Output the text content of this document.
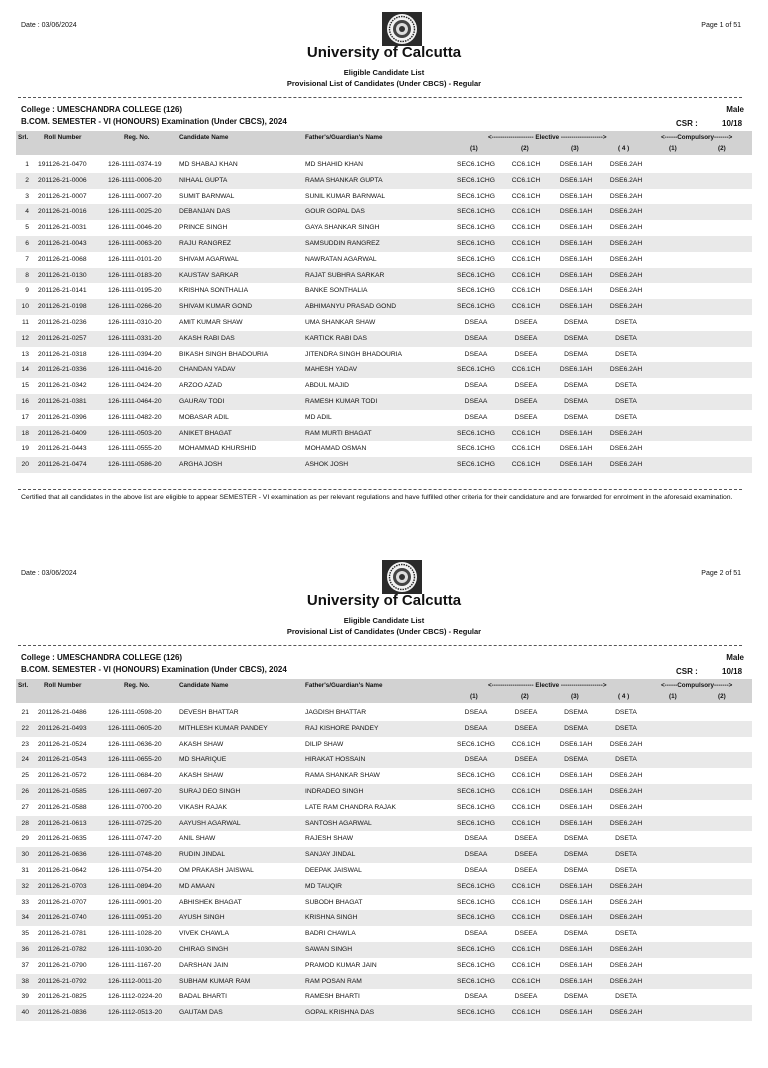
Date : 03/06/2024	Page 1 of 51
University of Calcutta
Eligible Candidate List
Provisional List of Candidates (Under CBCS) - Regular
College : UMESCHANDRA COLLEGE (126)
B.COM. SEMESTER - VI (HONOURS) Examination (Under CBCS), 2024
Male
CSR :	10/18
Srl.	Roll Number	Reg. No.	Candidate Name	Father's/Guardian's Name	<-------------------- Elective -------------------->	<------Compulsory------->
(1)	(2)	(3)	( 4 )	(1)	(2)
1 191126-21-0470	126-1111-0374-19	MD SHABAJ KHAN	MD SHAHID KHAN	SEC6.1CHG	CC6.1CH	DSE6.1AH	DSE6.2AH
2 201126-21-0006	126-1111-0006-20	NIHAAL GUPTA	RAMA SHANKAR GUPTA	SEC6.1CHG	CC6.1CH	DSE6.1AH	DSE6.2AH
3 201126-21-0007	126-1111-0007-20	SUMIT BARNWAL	SUNIL KUMAR BARNWAL	SEC6.1CHG	CC6.1CH	DSE6.1AH	DSE6.2AH
4 201126-21-0016	126-1111-0025-20	DEBANJAN DAS	GOUR GOPAL DAS	SEC6.1CHG	CC6.1CH	DSE6.1AH	DSE6.2AH
5 201126-21-0031	126-1111-0046-20	PRINCE SINGH	GAYA SHANKAR SINGH	SEC6.1CHG	CC6.1CH	DSE6.1AH	DSE6.2AH
6 201126-21-0043	126-1111-0063-20	RAJU RANGREZ	SAMSUDDIN RANGREZ	SEC6.1CHG	CC6.1CH	DSE6.1AH	DSE6.2AH
7 201126-21-0068	126-1111-0101-20	SHIVAM AGARWAL	NAWRATAN AGARWAL	SEC6.1CHG	CC6.1CH	DSE6.1AH	DSE6.2AH
8 201126-21-0130	126-1111-0183-20	KAUSTAV SARKAR	RAJAT SUBHRA SARKAR	SEC6.1CHG	CC6.1CH	DSE6.1AH	DSE6.2AH
9 201126-21-0141	126-1111-0195-20	KRISHNA SONTHALIA	BANKE SONTHALIA	SEC6.1CHG	CC6.1CH	DSE6.1AH	DSE6.2AH
10 201126-21-0198	126-1111-0266-20	SHIVAM KUMAR GOND	ABHIMANYU PRASAD GOND	SEC6.1CHG	CC6.1CH	DSE6.1AH	DSE6.2AH
11 201126-21-0236	126-1111-0310-20	AMIT KUMAR SHAW	UMA SHANKAR SHAW	DSEAA	DSEEA	DSEMA	DSETA
12 201126-21-0257	126-1111-0331-20	AKASH RABI DAS	KARTICK RABI DAS	DSEAA	DSEEA	DSEMA	DSETA
13 201126-21-0318	126-1111-0394-20	BIKASH SINGH BHADOURIA	JITENDRA SINGH BHADOURIA	DSEAA	DSEEA	DSEMA	DSETA
14 201126-21-0336	126-1111-0416-20	CHANDAN YADAV	MAHESH YADAV	SEC6.1CHG	CC6.1CH	DSE6.1AH	DSE6.2AH
15 201126-21-0342	126-1111-0424-20	ARZOO AZAD	ABDUL MAJID	DSEAA	DSEEA	DSEMA	DSETA
16 201126-21-0381	126-1111-0464-20	GAURAV TODI	RAMESH KUMAR TODI	DSEAA	DSEEA	DSEMA	DSETA
17 201126-21-0396	126-1111-0482-20	MOBASAR ADIL	MD ADIL	DSEAA	DSEEA	DSEMA	DSETA
18 201126-21-0409	126-1111-0503-20	ANIKET BHAGAT	RAM MURTI BHAGAT	SEC6.1CHG	CC6.1CH	DSE6.1AH	DSE6.2AH
19 201126-21-0443	126-1111-0555-20	MOHAMMAD KHURSHID	MOHAMAD OSMAN	SEC6.1CHG	CC6.1CH	DSE6.1AH	DSE6.2AH
20 201126-21-0474	126-1111-0586-20	ARGHA JOSH	ASHOK JOSH	SEC6.1CHG	CC6.1CH	DSE6.1AH	DSE6.2AH
Certified that all candidates in the above list are eligible to appear SEMESTER - VI examination as per relevant regulations and have fulfilled other criteria for their candidature and are forwarded for enrolment in the aforesaid examination.
Date : 03/06/2024	Page 2 of 51
University of Calcutta
Eligible Candidate List
Provisional List of Candidates (Under CBCS) - Regular
College : UMESCHANDRA COLLEGE (126)
B.COM. SEMESTER - VI (HONOURS) Examination (Under CBCS), 2024
Male
CSR :	10/18
Srl.	Roll Number	Reg. No.	Candidate Name	Father's/Guardian's Name	<-------------------- Elective -------------------->	<------Compulsory------->
(1)	(2)	(3)	( 4 )	(1)	(2)
21 201126-21-0486	126-1111-0598-20	DEVESH BHATTAR	JAGDISH BHATTAR	DSEAA	DSEEA	DSEMA	DSETA
22 201126-21-0493	126-1111-0605-20	MITHLESH KUMAR PANDEY	RAJ KISHORE PANDEY	DSEAA	DSEEA	DSEMA	DSETA
23 201126-21-0524	126-1111-0636-20	AKASH SHAW	DILIP SHAW	SEC6.1CHG	CC6.1CH	DSE6.1AH	DSE6.2AH
24 201126-21-0543	126-1111-0655-20	MD SHARIQUE	HIRAKAT HOSSAIN	DSEAA	DSEEA	DSEMA	DSETA
25 201126-21-0572	126-1111-0684-20	AKASH SHAW	RAMA SHANKAR SHAW	SEC6.1CHG	CC6.1CH	DSE6.1AH	DSE6.2AH
26 201126-21-0585	126-1111-0697-20	SURAJ DEO SINGH	INDRADEO SINGH	SEC6.1CHG	CC6.1CH	DSE6.1AH	DSE6.2AH
27 201126-21-0588	126-1111-0700-20	VIKASH RAJAK	LATE RAM CHANDRA RAJAK	SEC6.1CHG	CC6.1CH	DSE6.1AH	DSE6.2AH
28 201126-21-0613	126-1111-0725-20	AAYUSH AGARWAL	SANTOSH AGARWAL	SEC6.1CHG	CC6.1CH	DSE6.1AH	DSE6.2AH
29 201126-21-0635	126-1111-0747-20	ANIL SHAW	RAJESH SHAW	DSEAA	DSEEA	DSEMA	DSETA
30 201126-21-0636	126-1111-0748-20	RUDIN JINDAL	SANJAY JINDAL	DSEAA	DSEEA	DSEMA	DSETA
31 201126-21-0642	126-1111-0754-20	OM PRAKASH JAISWAL	DEEPAK JAISWAL	DSEAA	DSEEA	DSEMA	DSETA
32 201126-21-0703	126-1111-0894-20	MD AMAAN	MD TAUQIR	SEC6.1CHG	CC6.1CH	DSE6.1AH	DSE6.2AH
33 201126-21-0707	126-1111-0901-20	ABHISHEK BHAGAT	SUBODH BHAGAT	SEC6.1CHG	CC6.1CH	DSE6.1AH	DSE6.2AH
34 201126-21-0740	126-1111-0951-20	AYUSH SINGH	KRISHNA SINGH	SEC6.1CHG	CC6.1CH	DSE6.1AH	DSE6.2AH
35 201126-21-0781	126-1111-1028-20	VIVEK CHAWLA	BADRI CHAWLA	DSEAA	DSEEA	DSEMA	DSETA
36 201126-21-0782	126-1111-1030-20	CHIRAG SINGH	SAWAN SINGH	SEC6.1CHG	CC6.1CH	DSE6.1AH	DSE6.2AH
37 201126-21-0790	126-1111-1167-20	DARSHAN JAIN	PRAMOD KUMAR JAIN	SEC6.1CHG	CC6.1CH	DSE6.1AH	DSE6.2AH
38 201126-21-0792	126-1112-0011-20	SUBHAM KUMAR RAM	RAM POSAN RAM	SEC6.1CHG	CC6.1CH	DSE6.1AH	DSE6.2AH
39 201126-21-0825	126-1112-0224-20	BADAL BHARTI	RAMESH BHARTI	DSEAA	DSEEA	DSEMA	DSETA
40 201126-21-0836	126-1112-0513-20	GAUTAM DAS	GOPAL KRISHNA DAS	SEC6.1CHG	CC6.1CH	DSE6.1AH	DSE6.2AH
